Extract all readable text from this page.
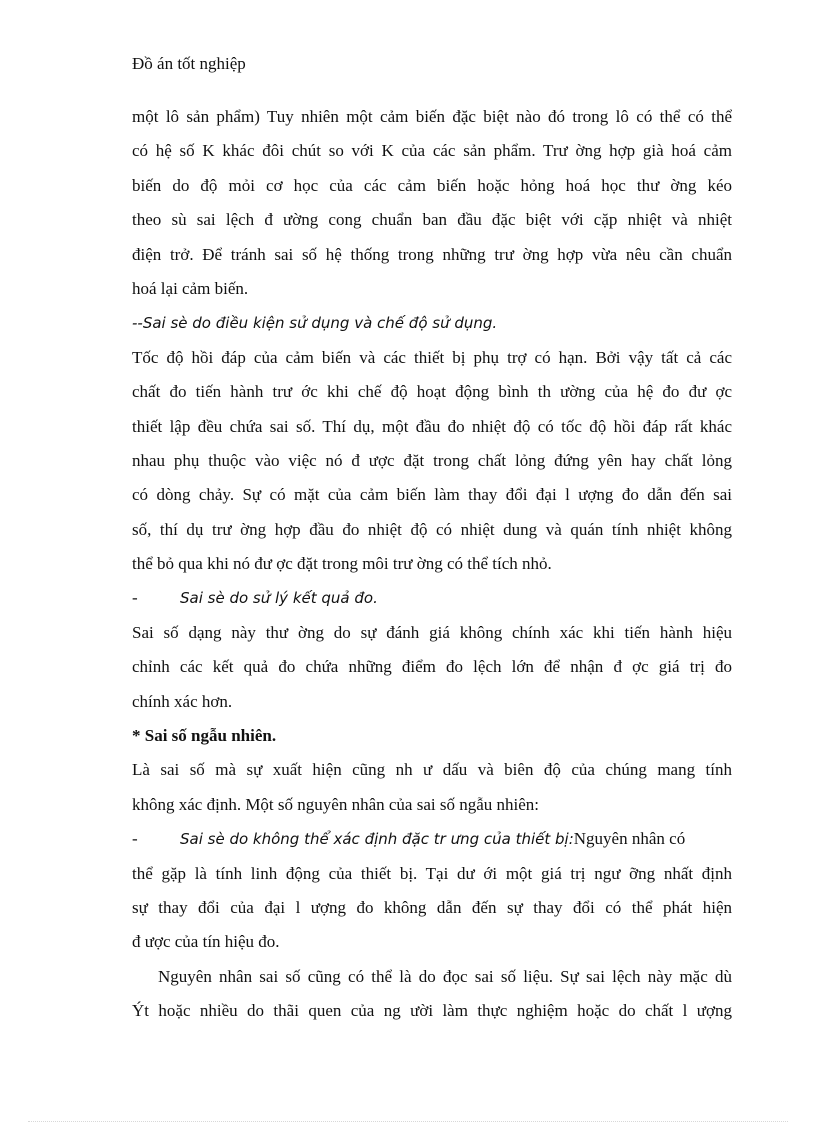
Đồ án tốt nghiệp
một lô sản phẩm) Tuy nhiên một cảm biến đặc biệt nào đó trong lô có thể có thể
có hệ số K khác đôi chút so với K của các sản phẩm. Trư ờng hợp già hoá cảm
biến do độ mỏi cơ học của các cảm biến hoặc hỏng hoá học thư ờng kéo
theo sù sai lệch đ ường cong chuẩn ban đầu đặc biệt với cặp nhiệt và nhiệt
điện trở. Để tránh sai số hệ thống trong những trư ờng hợp vừa nêu cần chuẩn
hoá lại cảm biến.
--Sai sè do điều kiện sử dụng và chế độ sử dụng.
Tốc độ hồi đáp của cảm biến và các thiết bị phụ trợ có hạn. Bởi vậy tất cả các
chất đo tiến hành trư ớc khi chế độ hoạt động bình th ường của hệ đo đư ợc
thiết lập đều chứa sai số. Thí dụ, một đầu đo nhiệt độ có tốc độ hồi đáp rất khác
nhau phụ thuộc vào việc nó đ ược đặt trong chất lỏng đứng yên hay chất lỏng
có dòng chảy. Sự có mặt của cảm biến làm thay đổi đại l ượng đo dẫn đến sai
số, thí dụ trư ờng hợp đầu đo nhiệt độ có nhiệt dung và quán tính nhiệt không
thể bỏ qua khi nó đư ợc đặt trong môi trư ờng có thể tích nhỏ.
-	Sai sè do sử lý kết quả đo.
Sai số dạng này thư ờng do sự đánh giá không chính xác khi tiến hành hiệu
chỉnh các kết quả đo chứa những điểm đo lệch lớn để nhận đ ợc giá trị đo
chính xác hơn.
* Sai số ngẫu nhiên.
Là sai số mà sự xuất hiện cũng nh ư dấu và biên độ của chúng mang tính
không xác định. Một số nguyên nhân của sai số ngẫu nhiên:
-	Sai sè do không thể xác định đặc tr ưng của thiết bị: Nguyên nhân có
thể gặp là tính linh động của thiết bị. Tại dư ới một giá trị ngư ỡng nhất định
sự thay đổi của đại l ượng đo không dẫn đến sự thay đổi có thể phát hiện
đ ược của tín hiệu đo.
Nguyên nhân sai số cũng có thể là do đọc sai số liệu. Sự sai lệch này mặc dù
Ýt hoặc nhiều do thãi quen của ng ười làm thực nghiệm hoặc do chất l ượng
